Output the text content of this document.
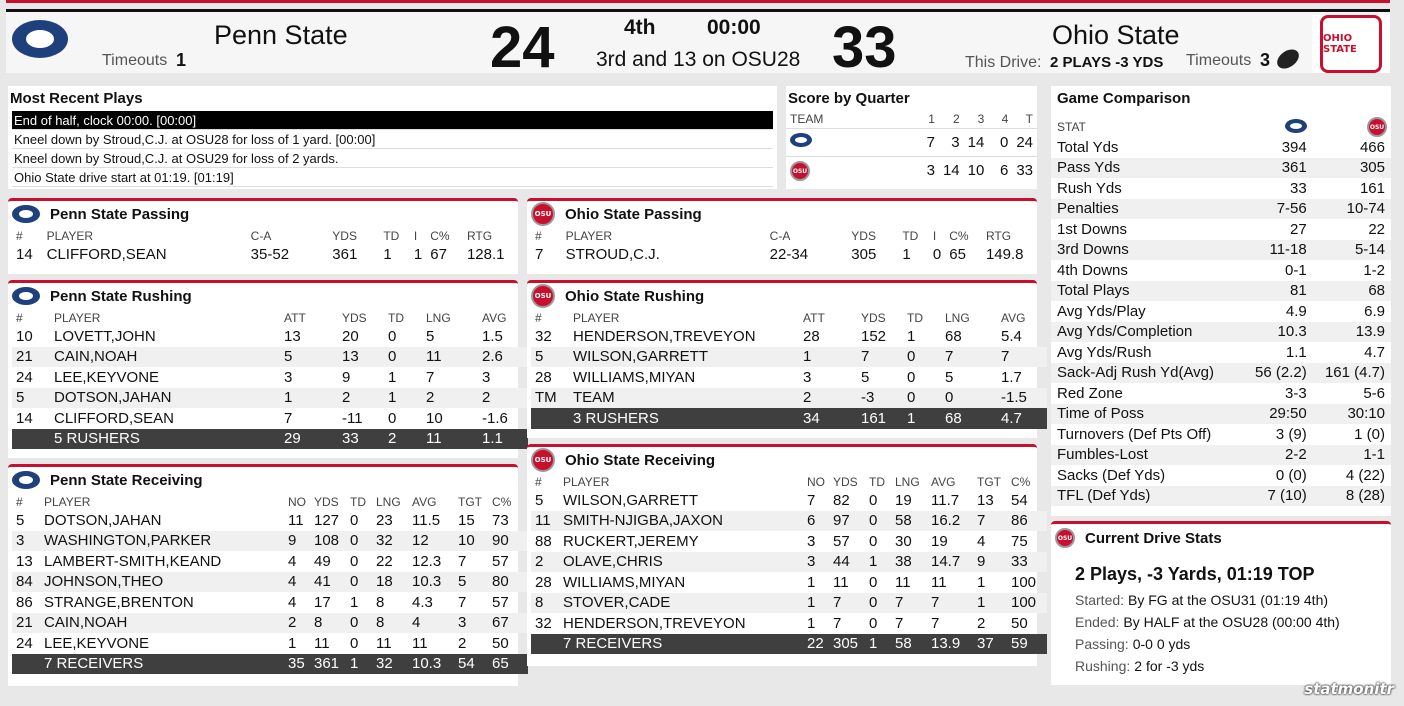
Penn State
Timeouts 1	24	4th 00:00
3rd and 13 on OSU28 33	Ohio State
This Drive: 2 PLAYS -3 YDS Timeouts 3
OHIO STATE
Most Recent Plays
End of half, clock 00:00. [00:00]
Kneel down by Stroud,C.J. at OSU28 for loss of 1 yard. [00:00]
Kneel down by Stroud,C.J. at OSU29 for loss of 2 yards.
Ohio State drive start at 01:19. [01:19]
Score by Quarter
TEAM	1	2	3	4	T
	7	3	14	0	24
OSU	3	14	10	6	33
Game Comparison
STAT		OSU
Total Yds	394	466
Pass Yds	361	305
Rush Yds	33	161
Penalties	7-56	10-74
1st Downs	27	22
3rd Downs	11-18	5-14
4th Downs	0-1	1-2
Total Plays	81	68
Avg Yds/Play	4.9	6.9
Avg Yds/Completion	10.3	13.9
Avg Yds/Rush	1.1	4.7
Sack-Adj Rush Yd(Avg)	56 (2.2)	161 (4.7)
Red Zone	3-3	5-6
Time of Poss	29:50	30:10
Turnovers (Def Pts Off)	3 (9)	1 (0)
Fumbles-Lost	2-2	1-1
Sacks (Def Yds)	0 (0)	4 (22)
TFL (Def Yds)	7 (10)	8 (28)
OSU Current Drive Stats
2 Plays, -3 Yards, 01:19 TOP
Started: By FG at the OSU31 (01:19 4th)
Ended: By HALF at the OSU28 (00:00 4th)
Passing: 0-0 0 yds
Rushing: 2 for -3 yds
Penn State Passing
#	PLAYER	C-A	YDS	TD	I	C%	RTG
14	CLIFFORD,SEAN	35-52	361	1	1	67	128.1
OSU Ohio State Passing
#	PLAYER	C-A	YDS	TD	I	C%	RTG
7	STROUD,C.J.	22-34	305	1	0	65	149.8
Penn State Rushing
#	PLAYER	ATT	YDS	TD	LNG	AVG
10	LOVETT,JOHN	13	20	0	5	1.5
21	CAIN,NOAH	5	13	0	11	2.6
24	LEE,KEYVONE	3	9	1	7	3
5	DOTSON,JAHAN	1	2	1	2	2
14	CLIFFORD,SEAN	7	-11	0	10	-1.6
	5 RUSHERS	29	33	2	11	1.1
OSU Ohio State Rushing
#	PLAYER	ATT	YDS	TD	LNG	AVG
32	HENDERSON,TREVEYON	28	152	1	68	5.4
5	WILSON,GARRETT	1	7	0	7	7
28	WILLIAMS,MIYAN	3	5	0	5	1.7
TM	TEAM	2	-3	0	0	-1.5
	3 RUSHERS	34	161	1	68	4.7
Penn State Receiving
#	PLAYER	NO	YDS	TD	LNG	AVG	TGT	C%
5	DOTSON,JAHAN	11	127	0	23	11.5	15	73
3	WASHINGTON,PARKER	9	108	0	32	12	10	90
13	LAMBERT-SMITH,KEAND	4	49	0	22	12.3	7	57
84	JOHNSON,THEO	4	41	0	18	10.3	5	80
86	STRANGE,BRENTON	4	17	1	8	4.3	7	57
21	CAIN,NOAH	2	8	0	8	4	3	67
24	LEE,KEYVONE	1	11	0	11	11	2	50
	7 RECEIVERS	35	361	1	32	10.3	54	65
OSU Ohio State Receiving
#	PLAYER	NO	YDS	TD	LNG	AVG	TGT	C%
5	WILSON,GARRETT	7	82	0	19	11.7	13	54
11	SMITH-NJIGBA,JAXON	6	97	0	58	16.2	7	86
88	RUCKERT,JEREMY	3	57	0	30	19	4	75
2	OLAVE,CHRIS	3	44	1	38	14.7	9	33
28	WILLIAMS,MIYAN	1	11	0	11	11	1	100
8	STOVER,CADE	1	7	0	7	7	1	100
32	HENDERSON,TREVEYON	1	7	0	7	7	2	50
	7 RECEIVERS	22	305	1	58	13.9	37	59
statmonitr
